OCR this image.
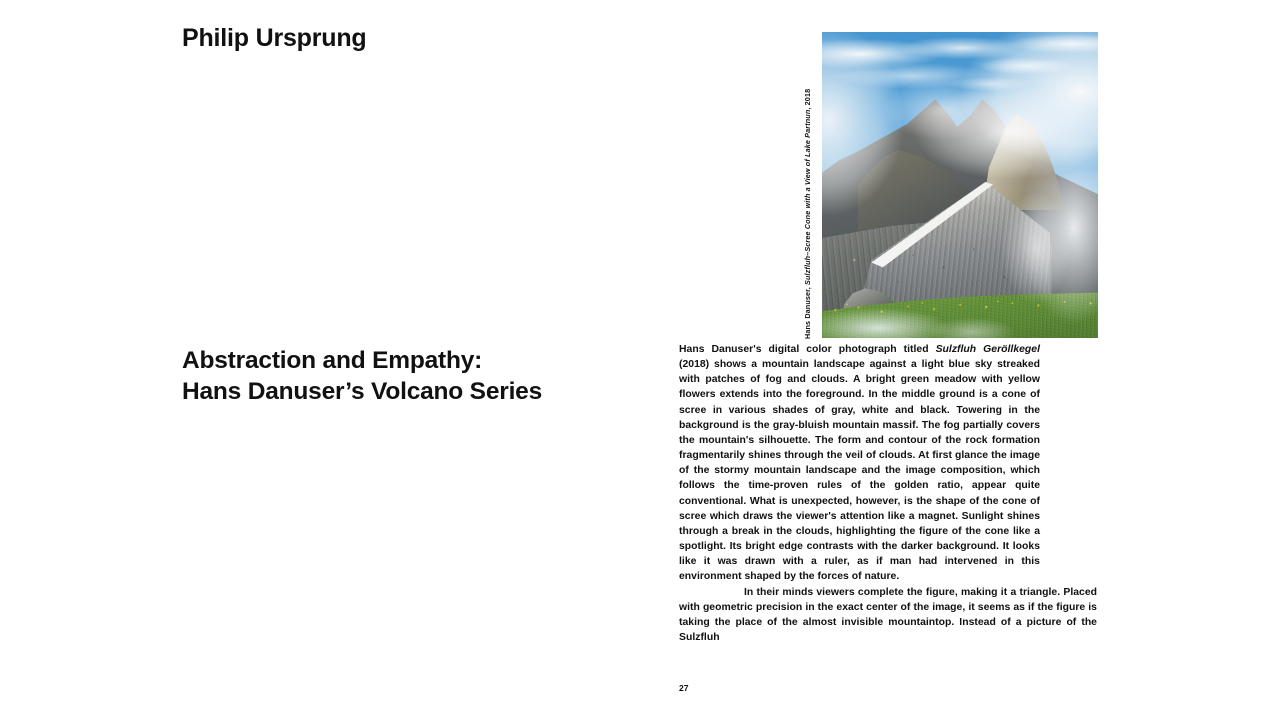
Philip Ursprung
Abstraction and Empathy:
Hans Danuser’s Volcano Series
Hans Danuser, Sulzfluh–Scree Cone with a View of Lake Partnun, 2018

Hans Danuser's digital color photograph titled Sulzfluh Geröllkegel (2018) shows a mountain landscape against a light blue sky streaked with patches of fog and clouds. A bright green meadow with yellow flowers extends into the foreground. In the middle ground is a cone of scree in various shades of gray, white and black. Towering in the background is the gray-bluish mountain massif. The fog partially covers the mountain's silhouette. The form and contour of the rock formation fragmentarily shines through the veil of clouds. At first glance the image of the stormy mountain landscape and the image composition, which follows the time-proven rules of the golden ratio, appear quite conventional. What is unexpected, however, is the shape of the cone of scree which draws the viewer's attention like a magnet. Sunlight shines through a break in the clouds, highlighting the figure of the cone like a spotlight. Its bright edge contrasts with the darker background. It looks like it was drawn with a ruler, as if man had intervened in this environment shaped by the forces of nature.

In their minds viewers complete the figure, making it a triangle. Placed with geometric precision in the exact center of the image, it seems as if the figure is taking the place of the almost invisible mountaintop. Instead of a picture of the Sulzfluh

27
